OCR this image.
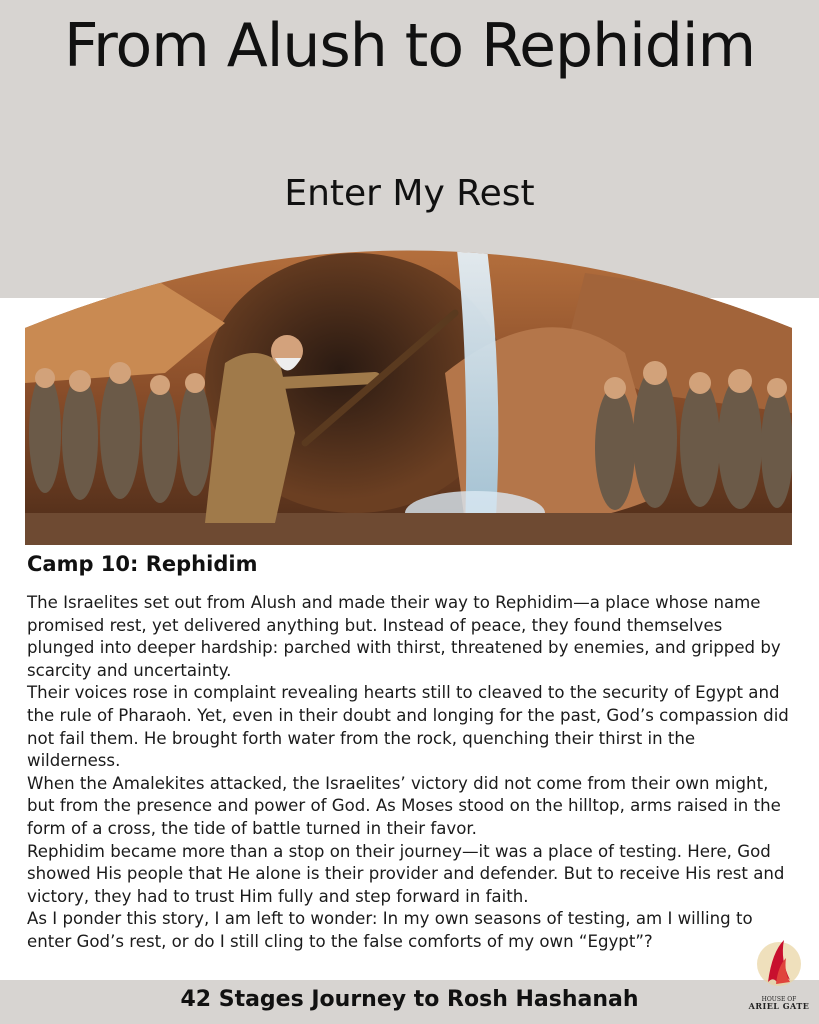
From Alush to Rephidim
Enter My Rest
Camp 10: Rephidim

The Israelites set out from Alush and made their way to Rephidim—a place whose name promised rest, yet delivered anything but. Instead of peace, they found themselves plunged into deeper hardship: parched with thirst, threatened by enemies, and gripped by scarcity and uncertainty.

Their voices rose in complaint revealing hearts still to cleaved to the security of Egypt and the rule of Pharaoh. Yet, even in their doubt and longing for the past, God’s compassion did not fail them. He brought forth water from the rock, quenching their thirst in the wilderness.

When the Amalekites attacked, the Israelites’ victory did not come from their own might, but from the presence and power of God. As Moses stood on the hilltop, arms raised in the form of a cross, the tide of battle turned in their favor.

Rephidim became more than a stop on their journey—it was a place of testing. Here, God showed His people that He alone is their provider and defender. But to receive His rest and victory, they had to trust Him fully and step forward in faith.

As I ponder this story, I am left to wonder: In my own seasons of testing, am I willing to enter God’s rest, or do I still cling to the false comforts of my own “Egypt”?

42 Stages Journey to Rosh Hashanah	HOUSE OF
ARIEL GATE
